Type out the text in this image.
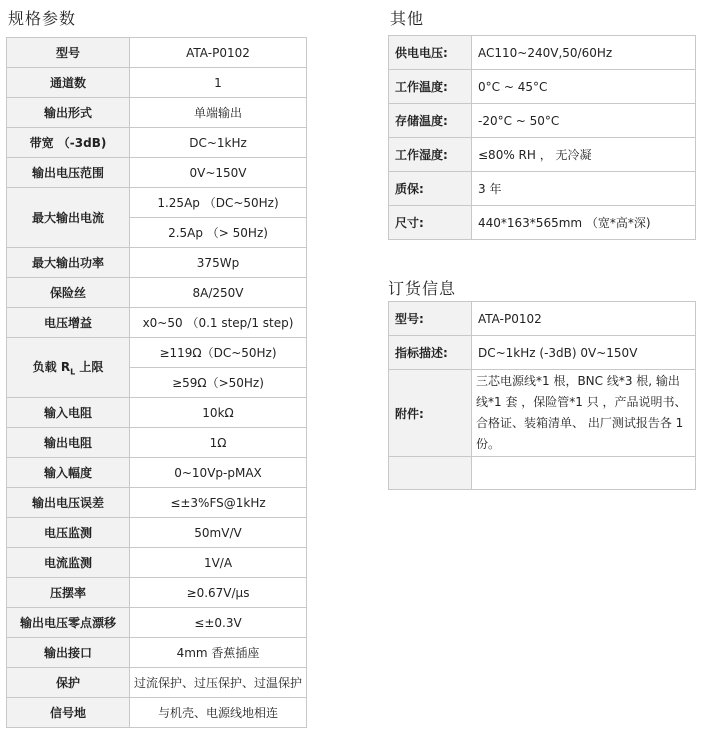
规格参数	其他
订货信息
型号	ATA-P0102
通道数	1
输出形式	单端输出
带宽 （-3dB)	DC~1kHz
输出电压范围	0V~150V
最大输出电流	1.25Ap （DC~50Hz)
	2.5Ap （> 50Hz)
最大输出功率	375Wp
保险丝	8A/250V
电压增益	x0~50 （0.1 step/1 step)
负载 $R_L$ 上限	≥119Ω（DC~50Hz)
	≥59Ω（>50Hz)
输入电阻	10kΩ
输出电阻	1Ω
输入幅度	0~10Vp-pMAX
输出电压误差	≤±3%FS@1kHz
电压监测	50mV/V
电流监测	1V/A
压摆率	≥0.67V/μs
输出电压零点漂移	≤±0.3V
输出接口	4mm 香蕉插座
保护	过流保护、过压保护、过温保护
信号地	与机壳、电源线地相连
供电电压:	AC110~240V,50/60Hz
工作温度:	0°C ~ 45°C
存储温度:	-20°C ~ 50°C
工作湿度:	≤80% RH ， 无冷凝
质保:	3 年
尺寸:	440*163*565mm （宽*高*深)
型号:	ATA-P0102
指标描述:	DC~1kHz (-3dB) 0V~150V
附件:	三芯电源线*1 根，BNC 线*3 根, 输出线*1 套 ，保险管*1 只 ，产品说明书、合格证、装箱清单、 出厂测试报告各 1 份。
